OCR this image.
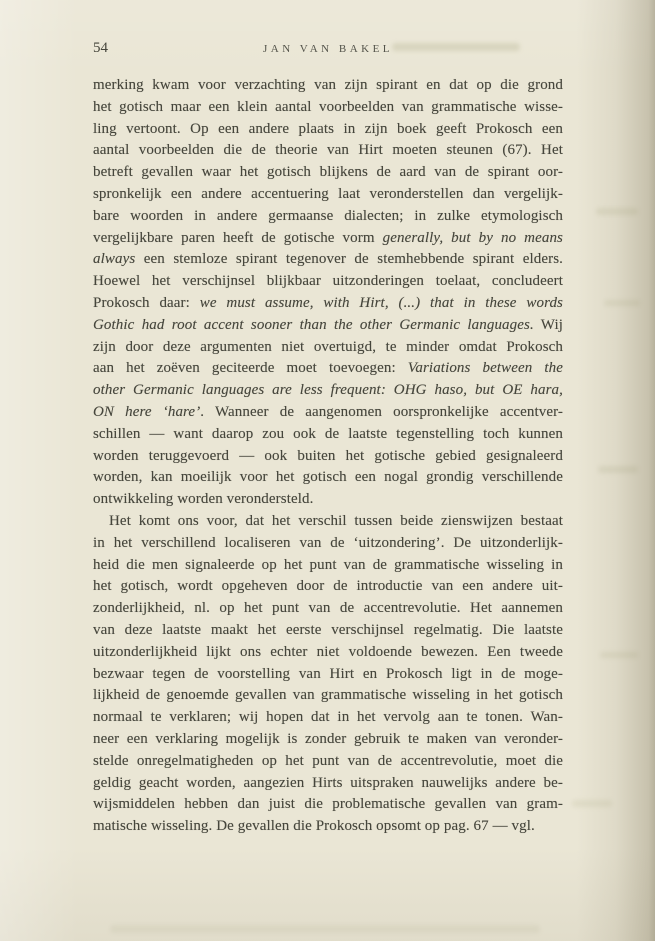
54	JAN VAN BAKEL
merking kwam voor verzachting van zijn spirant en dat op die grond
het gotisch maar een klein aantal voorbeelden van grammatische wisse-
ling vertoont. Op een andere plaats in zijn boek geeft Prokosch een
aantal voorbeelden die de theorie van Hirt moeten steunen (67). Het
betreft gevallen waar het gotisch blijkens de aard van de spirant oor-
spronkelijk een andere accentuering laat veronderstellen dan vergelijk-
bare woorden in andere germaanse dialecten; in zulke etymologisch
vergelijkbare paren heeft de gotische vorm generally, but by no means
always een stemloze spirant tegenover de stemhebbende spirant elders.
Hoewel het verschijnsel blijkbaar uitzonderingen toelaat, concludeert
Prokosch daar: we must assume, with Hirt, (...) that in these words
Gothic had root accent sooner than the other Germanic languages. Wij
zijn door deze argumenten niet overtuigd, te minder omdat Prokosch
aan het zoëven geciteerde moet toevoegen: Variations between the
other Germanic languages are less frequent: OHG haso, but OE hara,
ON here ‘hare’. Wanneer de aangenomen oorspronkelijke accentver-
schillen — want daarop zou ook de laatste tegenstelling toch kunnen
worden teruggevoerd — ook buiten het gotische gebied gesignaleerd
worden, kan moeilijk voor het gotisch een nogal grondig verschillende
ontwikkeling worden verondersteld.
Het komt ons voor, dat het verschil tussen beide zienswijzen bestaat
in het verschillend localiseren van de ‘uitzondering’. De uitzonderlijk-
heid die men signaleerde op het punt van de grammatische wisseling in
het gotisch, wordt opgeheven door de introductie van een andere uit-
zonderlijkheid, nl. op het punt van de accentrevolutie. Het aannemen
van deze laatste maakt het eerste verschijnsel regelmatig. Die laatste
uitzonderlijkheid lijkt ons echter niet voldoende bewezen. Een tweede
bezwaar tegen de voorstelling van Hirt en Prokosch ligt in de moge-
lijkheid de genoemde gevallen van grammatische wisseling in het gotisch
normaal te verklaren; wij hopen dat in het vervolg aan te tonen. Wan-
neer een verklaring mogelijk is zonder gebruik te maken van veronder-
stelde onregelmatigheden op het punt van de accentrevolutie, moet die
geldig geacht worden, aangezien Hirts uitspraken nauwelijks andere be-
wijsmiddelen hebben dan juist die problematische gevallen van gram-
matische wisseling. De gevallen die Prokosch opsomt op pag. 67 — vgl.
